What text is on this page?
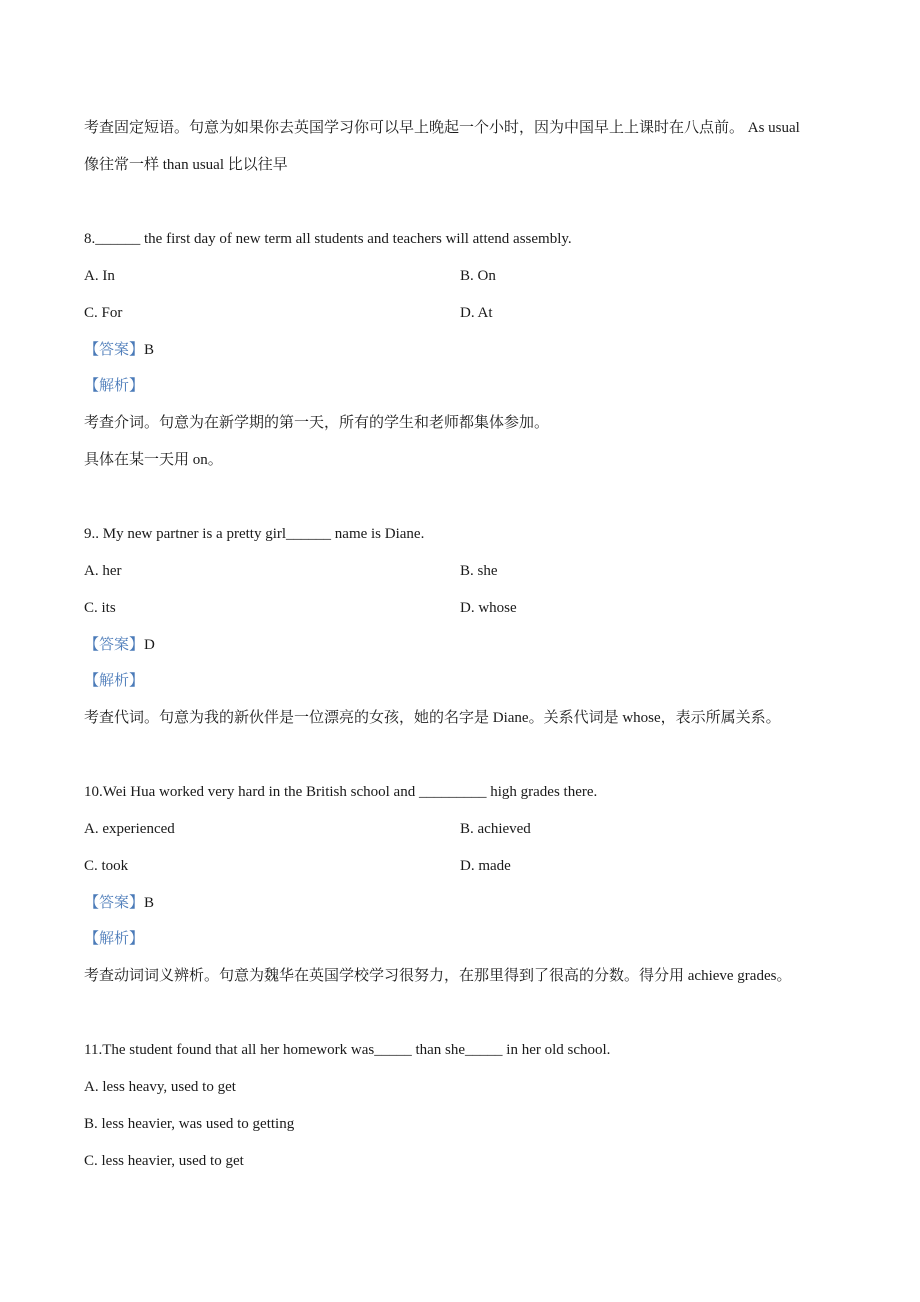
考查固定短语。句意为如果你去英国学习你可以早上晚起一个小时，因为中国早上上课时在八点前。 As usual
像往常一样 than usual 比以往早
8.______ the first day of new term all students and teachers will attend assembly.
A. In	B. On
C. For	D. At
【答案】B
【解析】
考查介词。句意为在新学期的第一天，所有的学生和老师都集体参加。
具体在某一天用 on。
9.. My new partner is a pretty girl______ name is Diane.
A. her	B. she
C. its	D. whose
【答案】D
【解析】
考查代词。句意为我的新伙伴是一位漂亮的女孩，她的名字是 Diane。关系代词是 whose，表示所属关系。
10.Wei Hua worked very hard in the British school and _________ high grades there.
A. experienced	B. achieved
C. took	D. made
【答案】B
【解析】
考查动词词义辨析。句意为魏华在英国学校学习很努力，在那里得到了很高的分数。得分用 achieve grades。
11.The student found that all her homework was_____ than she_____ in her old school.
A. less heavy, used to get
B. less heavier, was used to getting
C. less heavier, used to get
